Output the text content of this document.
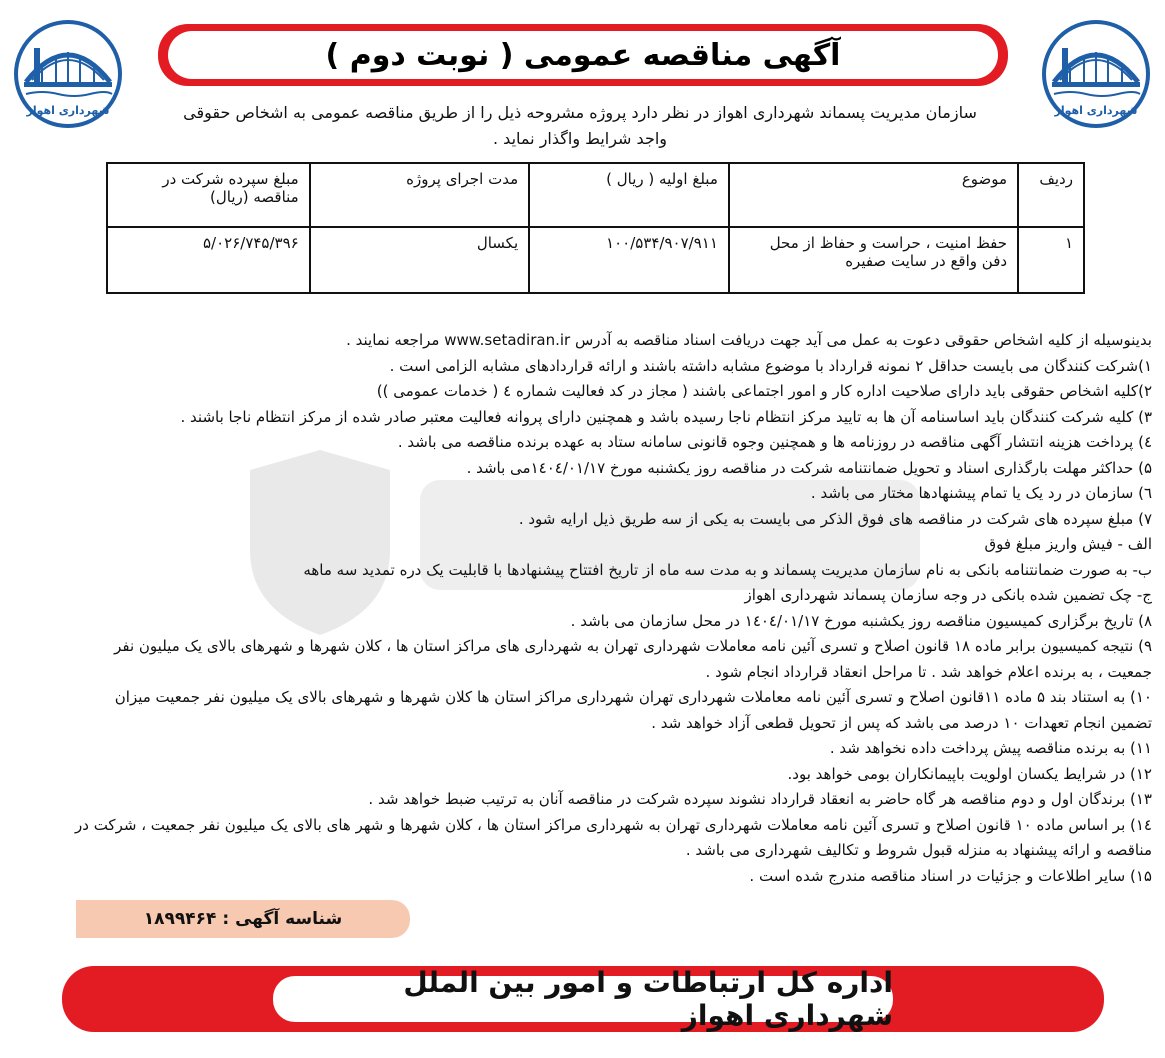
شهرداری اهواز	شهرداری اهواز
آگهی مناقصه عمومی ( نوبت دوم )
سازمان مدیریت پسماند شهرداری اهواز در نظر دارد پروژه مشروحه ذیل را از طریق مناقصه عمومی به اشخاص حقوقی
واجد شرایط واگذار نماید .
ردیف	موضوع	مبلغ اولیه ( ریال )	مدت اجرای پروژه	مبلغ سپرده شرکت در مناقصه (ریال)
۱	حفظ امنیت ، حراست و حفاظ از محل دفن واقع در سایت صفیره	۱۰۰/۵۳۴/۹۰۷/۹۱۱	یکسال	۵/۰۲۶/۷۴۵/۳۹۶

بدینوسیله از کلیه اشخاص حقوقی دعوت به عمل می آید جهت دریافت اسناد مناقصه به آدرس www.setadiran.ir مراجعه نمایند .

۱)شرکت کنندگان می بایست حداقل ۲ نمونه قرارداد با موضوع مشابه داشته باشند و ارائه قراردادهای مشابه الزامی است .

۲)کلیه اشخاص حقوقی باید دارای صلاحیت اداره کار و امور اجتماعی باشند ( مجاز در کد فعالیت شماره ٤ ( خدمات عمومی ))

۳) کلیه شرکت کنندگان باید اساسنامه آن ها به تایید مرکز انتظام ناجا رسیده باشد و همچنین دارای پروانه فعالیت معتبر صادر شده از مرکز انتظام ناجا باشند .

٤) پرداخت هزینه انتشار آگهی مناقصه در روزنامه ها و همچنین وجوه قانونی سامانه ستاد به عهده برنده مناقصه می باشد .

۵) حداکثر مهلت بارگذاری اسناد و تحویل ضمانتنامه شرکت در مناقصه روز یکشنبه مورخ ۱٤۰٤/۰۱/۱۷می باشد .

٦) سازمان در رد یک یا تمام پیشنهادها مختار می باشد .

۷) مبلغ سپرده های شرکت در مناقصه های فوق الذکر می بایست به یکی از سه طریق ذیل ارایه شود .

الف - فیش واریز مبلغ فوق

ب- به صورت ضمانتنامه بانکی به نام سازمان مدیریت پسماند و به مدت سه ماه از تاریخ افتتاح پیشنهادها با قابلیت یک دره تمدید سه ماهه

ج- چک تضمین شده بانکی در وجه سازمان پسماند شهرداری اهواز

۸) تاریخ برگزاری کمیسیون مناقصه روز یکشنبه مورخ ۱٤۰٤/۰۱/۱۷ در محل سازمان می باشد .

۹) نتیجه کمیسیون برابر ماده ۱۸ قانون اصلاح و تسری آئین نامه معاملات شهرداری تهران به شهرداری های مراکز استان ها ، کلان شهرها و شهرهای بالای یک میلیون نفر

جمعیت ، به برنده اعلام خواهد شد . تا مراحل انعقاد قرارداد انجام شود .

۱۰) به استناد بند ۵ ماده ۱۱قانون اصلاح و تسری آئین نامه معاملات شهرداری تهران شهرداری مراکز استان ها کلان شهرها و شهرهای بالای یک میلیون نفر جمعیت میزان

تضمین انجام تعهدات ۱۰ درصد می باشد که پس از تحویل قطعی آزاد خواهد شد .

۱۱) به برنده مناقصه پیش پرداخت داده نخواهد شد .

۱۲) در شرایط یکسان اولویت باپیمانکاران بومی خواهد بود.

۱۳) برندگان اول و دوم مناقصه هر گاه حاضر به انعقاد قرارداد نشوند سپرده شرکت در مناقصه آنان به ترتیب ضبط خواهد شد .

۱٤) بر اساس ماده ۱۰ قانون اصلاح و تسری آئین نامه معاملات شهرداری تهران به شهرداری مراکز استان ها ، کلان شهرها و شهر های بالای یک میلیون نفر جمعیت ، شرکت در

مناقصه و ارائه پیشنهاد به منزله قبول شروط و تکالیف شهرداری می باشد .

۱۵) سایر اطلاعات و جزئیات در اسناد مناقصه مندرج شده است .

شناسه آگهی : ۱۸۹۹۴۶۴
اداره کل ارتباطات و امور بین الملل شهرداری اهواز
